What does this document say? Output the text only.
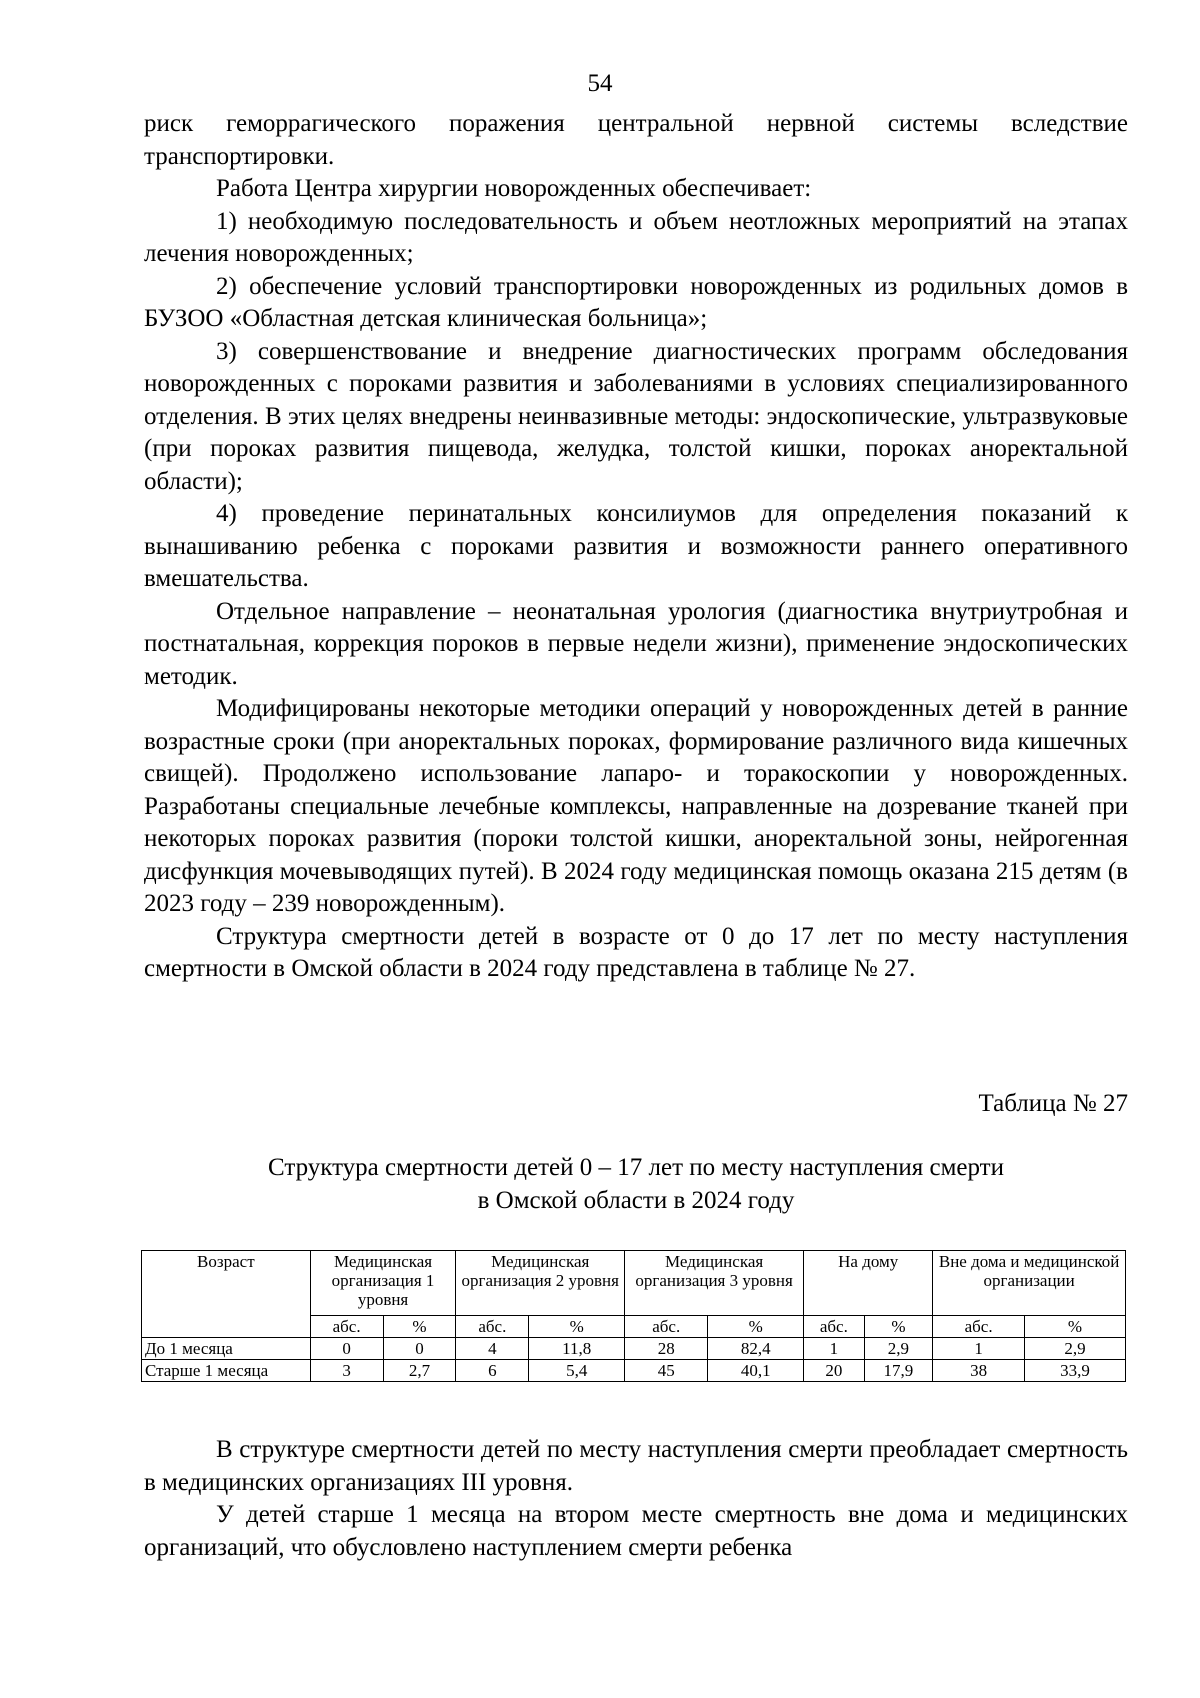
54

риск геморрагического поражения центральной нервной системы вследствие транспортировки.

Работа Центра хирургии новорожденных обеспечивает:

1) необходимую последовательность и объем неотложных мероприятий на этапах лечения новорожденных;

2) обеспечение условий транспортировки новорожденных из родильных домов в БУЗОО «Областная детская клиническая больница»;

3) совершенствование и внедрение диагностических программ обследования новорожденных с пороками развития и заболеваниями в условиях специализированного отделения. В этих целях внедрены неинвазивные методы: эндоскопические, ультразвуковые (при пороках развития пищевода, желудка, толстой кишки, пороках аноректальной области);

4) проведение перинатальных консилиумов для определения показаний к вынашиванию ребенка с пороками развития и возможности раннего оперативного вмешательства.

Отдельное направление – неонатальная урология (диагностика внутриутробная и постнатальная, коррекция пороков в первые недели жизни), применение эндоскопических методик.

Модифицированы некоторые методики операций у новорожденных детей в ранние возрастные сроки (при аноректальных пороках, формирование различного вида кишечных свищей). Продолжено использование лапаро- и торакоскопии у новорожденных. Разработаны специальные лечебные комплексы, направленные на дозревание тканей при некоторых пороках развития (пороки толстой кишки, аноректальной зоны, нейрогенная дисфункция мочевыводящих путей). В 2024 году медицинская помощь оказана 215 детям (в 2023 году – 239 новорожденным).

Структура смертности детей в возрасте от 0 до 17 лет по месту наступления смертности в Омской области в 2024 году представлена в таблице № 27.

Таблица № 27
Структура смертности детей 0 – 17 лет по месту наступления смерти
в Омской области в 2024 году
Возраст	Медицинская организация 1 уровня		Медицинская организация 2 уровня		Медицинская организация 3 уровня		На дому		Вне дома и медицинской организации	
	абс.	%	абс.	%	абс.	%	абс.	%	абс.	%
До 1 месяца	0	0	4	11,8	28	82,4	1	2,9	1	2,9
Старше 1 месяца	3	2,7	6	5,4	45	40,1	20	17,9	38	33,9

В структуре смертности детей по месту наступления смерти преобладает смертность в медицинских организациях III уровня.

У детей старше 1 месяца на втором месте смертность вне дома и медицинских организаций, что обусловлено наступлением смерти ребенка
